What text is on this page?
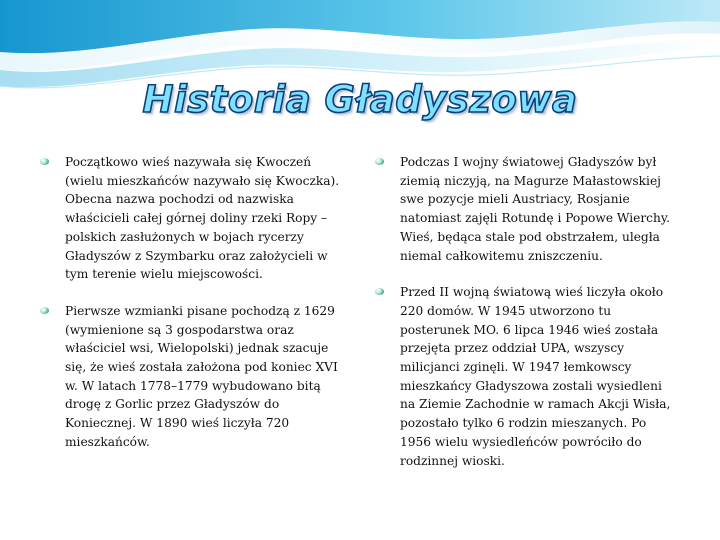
Historia Gładyszowa
Początkowo wieś nazywała się Kwoczeń (wielu mieszkańców nazywało się Kwoczka). Obecna nazwa pochodzi od nazwiska właścicieli całej górnej doliny rzeki Ropy – polskich zasłużonych w bojach rycerzy Gładyszów z Szymbarku oraz założycieli w tym terenie wielu miejscowości.
Pierwsze wzmianki pisane pochodzą z 1629 (wymienione są 3 gospodarstwa oraz właściciel wsi, Wielopolski) jednak szacuje się, że wieś została założona pod koniec XVI w. W latach 1778–1779 wybudowano bitą drogę z Gorlic przez Gładyszów do Koniecznej. W 1890 wieś liczyła 720 mieszkańców.
Podczas I wojny światowej Gładyszów był ziemią niczyją, na Magurze Małastowskiej swe pozycje mieli Austriacy, Rosjanie natomiast zajęli Rotundę i Popowe Wierchy. Wieś, będąca stale pod obstrzałem, uległa niemal całkowitemu zniszczeniu.
Przed II wojną światową wieś liczyła około 220 domów. W 1945 utworzono tu posterunek MO. 6 lipca 1946 wieś została przejęta przez oddział UPA, wszyscy milicjanci zginęli. W 1947 łemkowscy mieszkańcy Gładyszowa zostali wysiedleni na Ziemie Zachodnie w ramach Akcji Wisła, pozostało tylko 6 rodzin mieszanych. Po 1956 wielu wysiedleńców powróciło do rodzinnej wioski.
